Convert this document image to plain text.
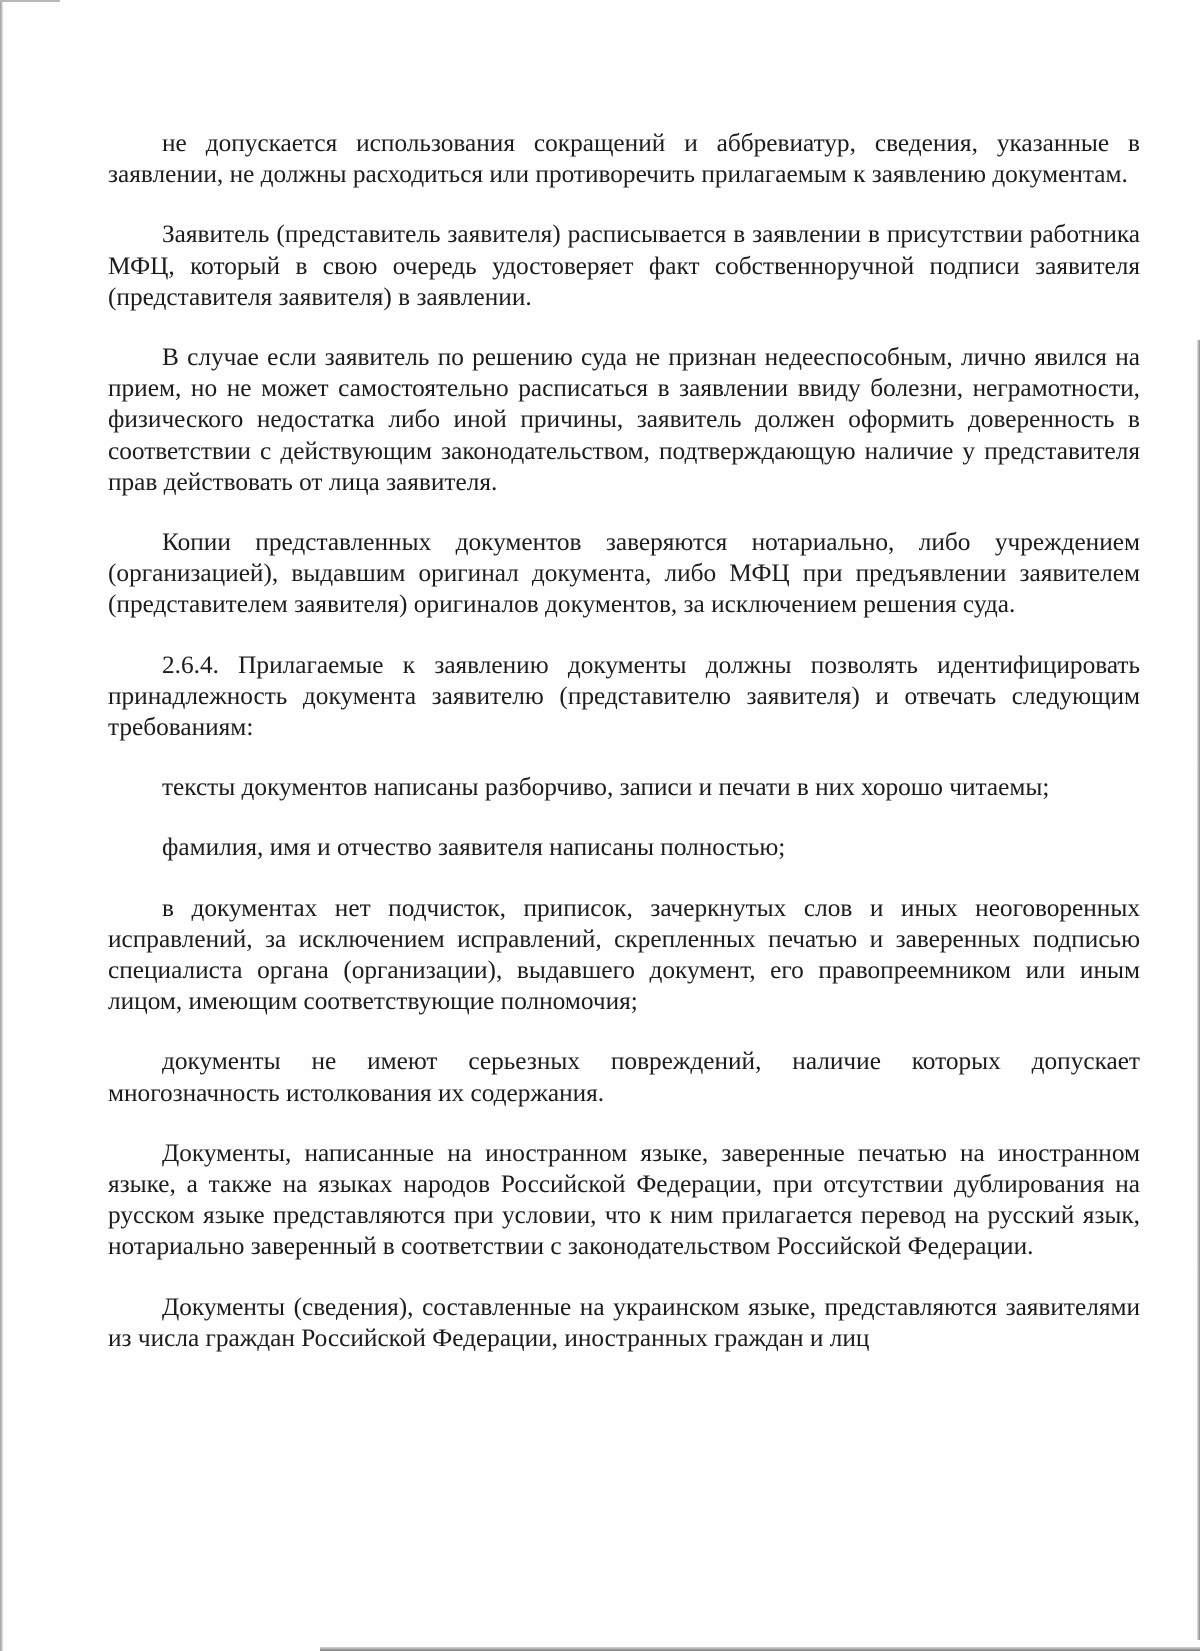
не допускается использования сокращений и аббревиатур, сведения, указанные в заявлении, не должны расходиться или противоречить прилагаемым к заявлению документам.

Заявитель (представитель заявителя) расписывается в заявлении в присутствии работника МФЦ, который в свою очередь удостоверяет факт собственноручной подписи заявителя (представителя заявителя) в заявлении.

В случае если заявитель по решению суда не признан недееспособным, лично явился на прием, но не может самостоятельно расписаться в заявлении ввиду болезни, неграмотности, физического недостатка либо иной причины, заявитель должен оформить доверенность в соответствии с действующим законодательством, подтверждающую наличие у представителя прав действовать от лица заявителя.

Копии представленных документов заверяются нотариально, либо учреждением (организацией), выдавшим оригинал документа, либо МФЦ при предъявлении заявителем (представителем заявителя) оригиналов документов, за исключением решения суда.

2.6.4. Прилагаемые к заявлению документы должны позволять идентифицировать принадлежность документа заявителю (представителю заявителя) и отвечать следующим требованиям:

тексты документов написаны разборчиво, записи и печати в них хорошо читаемы;

фамилия, имя и отчество заявителя написаны полностью;

в документах нет подчисток, приписок, зачеркнутых слов и иных неоговоренных исправлений, за исключением исправлений, скрепленных печатью и заверенных подписью специалиста органа (организации), выдавшего документ, его правопреемником или иным лицом, имеющим соответствующие полномочия;

документы не имеют серьезных повреждений, наличие которых допускает многозначность истолкования их содержания.

Документы, написанные на иностранном языке, заверенные печатью на иностранном языке, а также на языках народов Российской Федерации, при отсутствии дублирования на русском языке представляются при условии, что к ним прилагается перевод на русский язык, нотариально заверенный в соответствии с законодательством Российской Федерации.

Документы (сведения), составленные на украинском языке, представляются заявителями из числа граждан Российской Федерации, иностранных граждан и лиц
